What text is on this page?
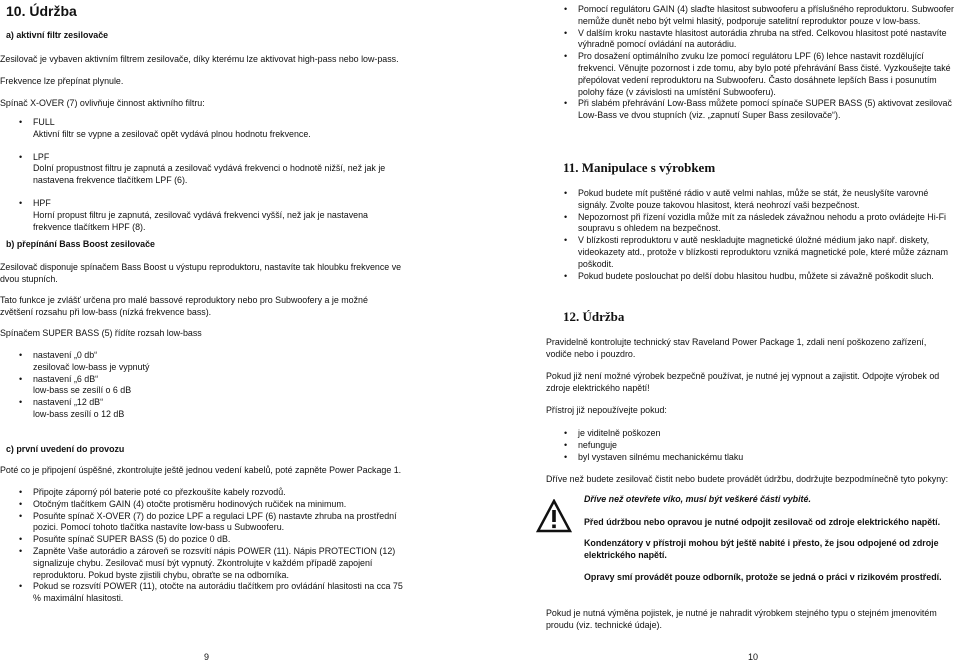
10. Údržba
a) aktivní filtr zesilovače
Zesilovač je vybaven aktivním filtrem zesilovače, díky kterému lze aktivovat high-pass nebo low-pass.
Frekvence lze přepínat plynule.
Spínač X-OVER (7) ovlivňuje činnost aktivního filtru:
• FULL
Aktivní filtr se vypne a zesilovač opět vydává plnou hodnotu frekvence.
• LPF
Dolní propustnost filtru je zapnutá a zesilovač vydává frekvenci o hodnotě nižší, než jak je nastavena frekvence tlačítkem LPF (6).
• HPF
Horní propust filtru je zapnutá, zesilovač vydává frekvenci vyšší, než jak je nastavena frekvence tlačítkem HPF (8).
b) přepínání Bass Boost zesilovače
Zesilovač disponuje spínačem Bass Boost u výstupu reproduktoru, nastavíte tak hloubku frekvence ve dvou stupních.
Tato funkce je zvlášť určena pro malé bassové reproduktory nebo pro Subwoofery a je možné zvětšení rozsahu při low-bass (nízká frekvence bass).
Spínačem SUPER BASS (5) řídíte rozsah low-bass
• nastavení „0 db“
zesilovač low-bass je vypnutý
• nastavení „6 dB“
low-bass se zesílí o 6 dB
• nastavení „12 dB“
low-bass zesílí o 12 dB
c) první uvedení do provozu
Poté co je připojení úspěšné, zkontrolujte ještě jednou vedení kabelů, poté zapněte Power Package 1.
• Připojte záporný pól baterie poté co přezkoušíte kabely rozvodů.
• Otočným tlačítkem GAIN (4) otočte protisměru hodinových ručiček na minimum.
• Posuňte spínač X-OVER (7) do pozice LPF a regulaci LPF (6) nastavte zhruba na prostřední pozici. Pomocí tohoto tlačítka nastavíte low-bass u Subwooferu.
• Posuňte spínač SUPER BASS (5) do pozice 0 dB.
• Zapněte Vaše autorádio a zároveň se rozsvítí nápis POWER (11). Nápis PROTECTION (12) signalizuje chybu. Zesilovač musí být vypnutý. Zkontrolujte v každém případě zapojení reproduktoru. Pokud byste zjistili chybu, obraťte se na odborníka.
• Pokud se rozsvítí POWER (11), otočte na autorádiu tlačítkem pro ovládání hlasitosti na cca 75 % maximální hlasitosti.
9
• Pomocí regulátoru GAIN (4) slaďte hlasitost subwooferu a příslušného reproduktoru. Subwoofer nemůže dunět nebo být velmi hlasitý, podporuje satelitní reproduktor pouze v low-bass.
• V dalším kroku nastavte hlasitost autorádia zhruba na střed. Celkovou hlasitost poté nastavíte výhradně pomocí ovládání na autorádiu.
• Pro dosažení optimálního zvuku lze pomocí regulátoru LPF (6) lehce nastavit rozdělující frekvenci. Věnujte pozornost i zde tomu, aby bylo poté přehrávání Bass čisté. Vyzkoušejte také přepólovat vedení reproduktoru na Subwooferu. Často dosáhnete lepších Bass i posunutím polohy fáze (v závislosti na umístění Subwooferu).
• Při slabém přehrávání Low-Bass můžete pomocí spínače SUPER BASS (5) aktivovat zesilovač Low-Bass ve dvou stupních (viz. „zapnutí Super Bass zesilovače“).
11. Manipulace s výrobkem
• Pokud budete mít puštěné rádio v autě velmi nahlas, může se stát, že neuslyšíte varovné signály. Zvolte pouze takovou hlasitost, která neohrozí vaši bezpečnost.
• Nepozornost při řízení vozidla může mít za následek závažnou nehodu a proto ovládejte Hi-Fi soupravu s ohledem na bezpečnost.
• V blízkosti reproduktoru v autě neskladujte magnetické úložné médium jako např. diskety, videokazety atd., protože v blízkosti reproduktoru vzniká magnetické pole, které může záznam poškodit.
• Pokud budete poslouchat po delší dobu hlasitou hudbu, můžete si závažně poškodit sluch.
12. Údržba
Pravidelně kontrolujte technický stav Raveland Power Package 1, zdali není poškozeno zařízení, vodiče nebo i pouzdro.
Pokud již není možné výrobek bezpečně používat, je nutné jej vypnout a zajistit. Odpojte výrobek od zdroje elektrického napětí!
Přístroj již nepoužívejte pokud:
• je viditelně poškozen
• nefunguje
• byl vystaven silnému mechanickému tlaku
Dříve než budete zesilovač čistit nebo budete provádět údržbu, dodržujte bezpodmínečně tyto pokyny:
Dříve než otevřete víko, musí být veškeré části vybité.
Před údržbou nebo opravou je nutné odpojit zesilovač od zdroje elektrického napětí.
Kondenzátory v přístroji mohou být ještě nabité i přesto, že jsou odpojené od zdroje elektrického napětí.
Opravy smí provádět pouze odborník, protože se jedná o práci v rizikovém prostředí.
Pokud je nutná výměna pojistek, je nutné je nahradit výrobkem stejného typu o stejném jmenovitém proudu (viz. technické údaje).
10
